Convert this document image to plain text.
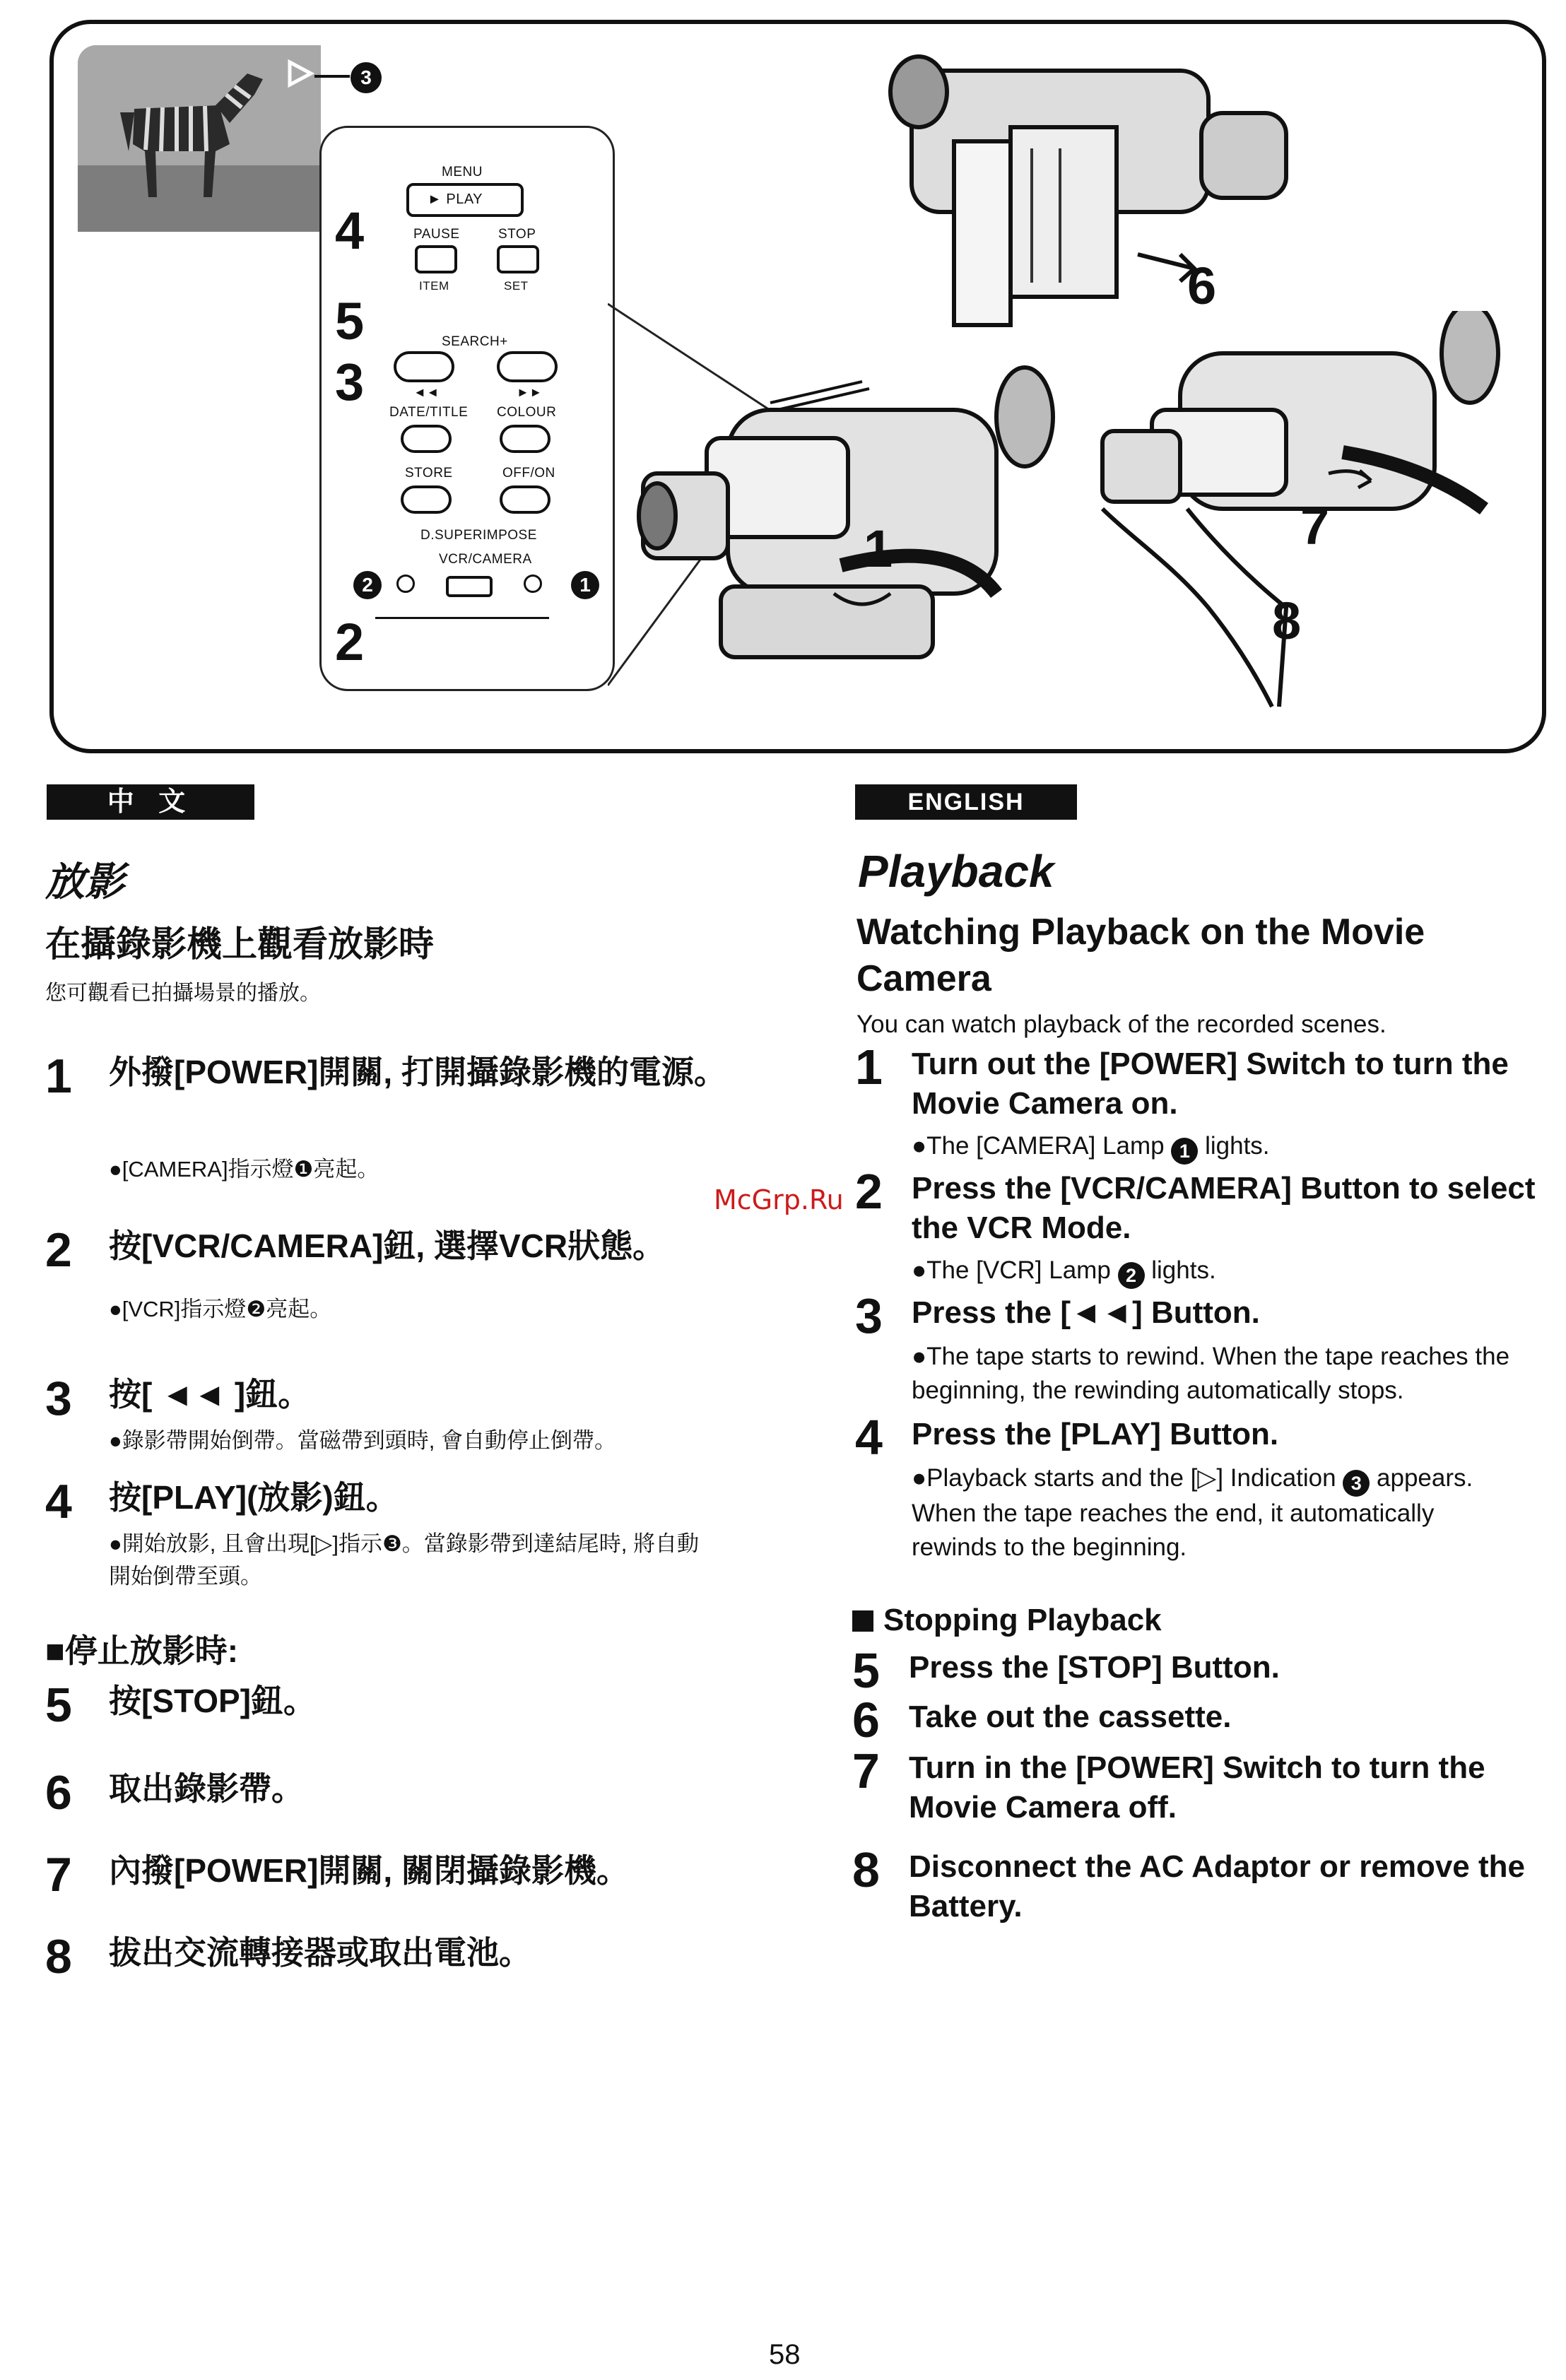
3
MENU
► PLAY
PAUSE	STOP
ITEM	SET
SEARCH+
◄◄	►►
DATE/TITLE COLOUR
STORE	OFF/ON
D.SUPERIMPOSE
VCR/CAMERA
2	1
4
5
3
2
6
1	7
8
中 文
放影
在攝錄影機上觀看放影時
您可觀看已拍攝場景的播放。
1	外撥[POWER]開關, 打開攝錄影機的電源。
●[CAMERA]指示燈❶亮起。
2	按[VCR/CAMERA]鈕, 選擇VCR狀態。
●[VCR]指示燈❷亮起。
3	按[ ◄◄ ]鈕。
●錄影帶開始倒帶。當磁帶到頭時, 會自動停止倒帶。
4	按[PLAY](放影)鈕。
●開始放影, 且會出現[▷]指示❸。當錄影帶到達結尾時, 將自動開始倒帶至頭。
■停止放影時:
5	按[STOP]鈕。
6	取出錄影帶。
7	內撥[POWER]開關, 關閉攝錄影機。
8	拔出交流轉接器或取出電池。
McGrp.Ru
ENGLISH
Playback
Watching Playback on the Movie Camera
You can watch playback of the recorded scenes.
1 Turn out the [POWER] Switch to turn the Movie Camera on.
●The [CAMERA] Lamp 1 lights.
2 Press the [VCR/CAMERA] Button to select the VCR Mode.
●The [VCR] Lamp 2 lights.
3 Press the [◄◄] Button.
●The tape starts to rewind. When the tape reaches the beginning, the rewinding automatically stops.
4 Press the [PLAY] Button.
●Playback starts and the [▷] Indication 3 appears. When the tape reaches the end, it automatically rewinds to the beginning.
Stopping Playback
5 Press the [STOP] Button.
6 Take out the cassette.
7 Turn in the [POWER] Switch to turn the Movie Camera off.
8 Disconnect the AC Adaptor or remove the Battery.
58
